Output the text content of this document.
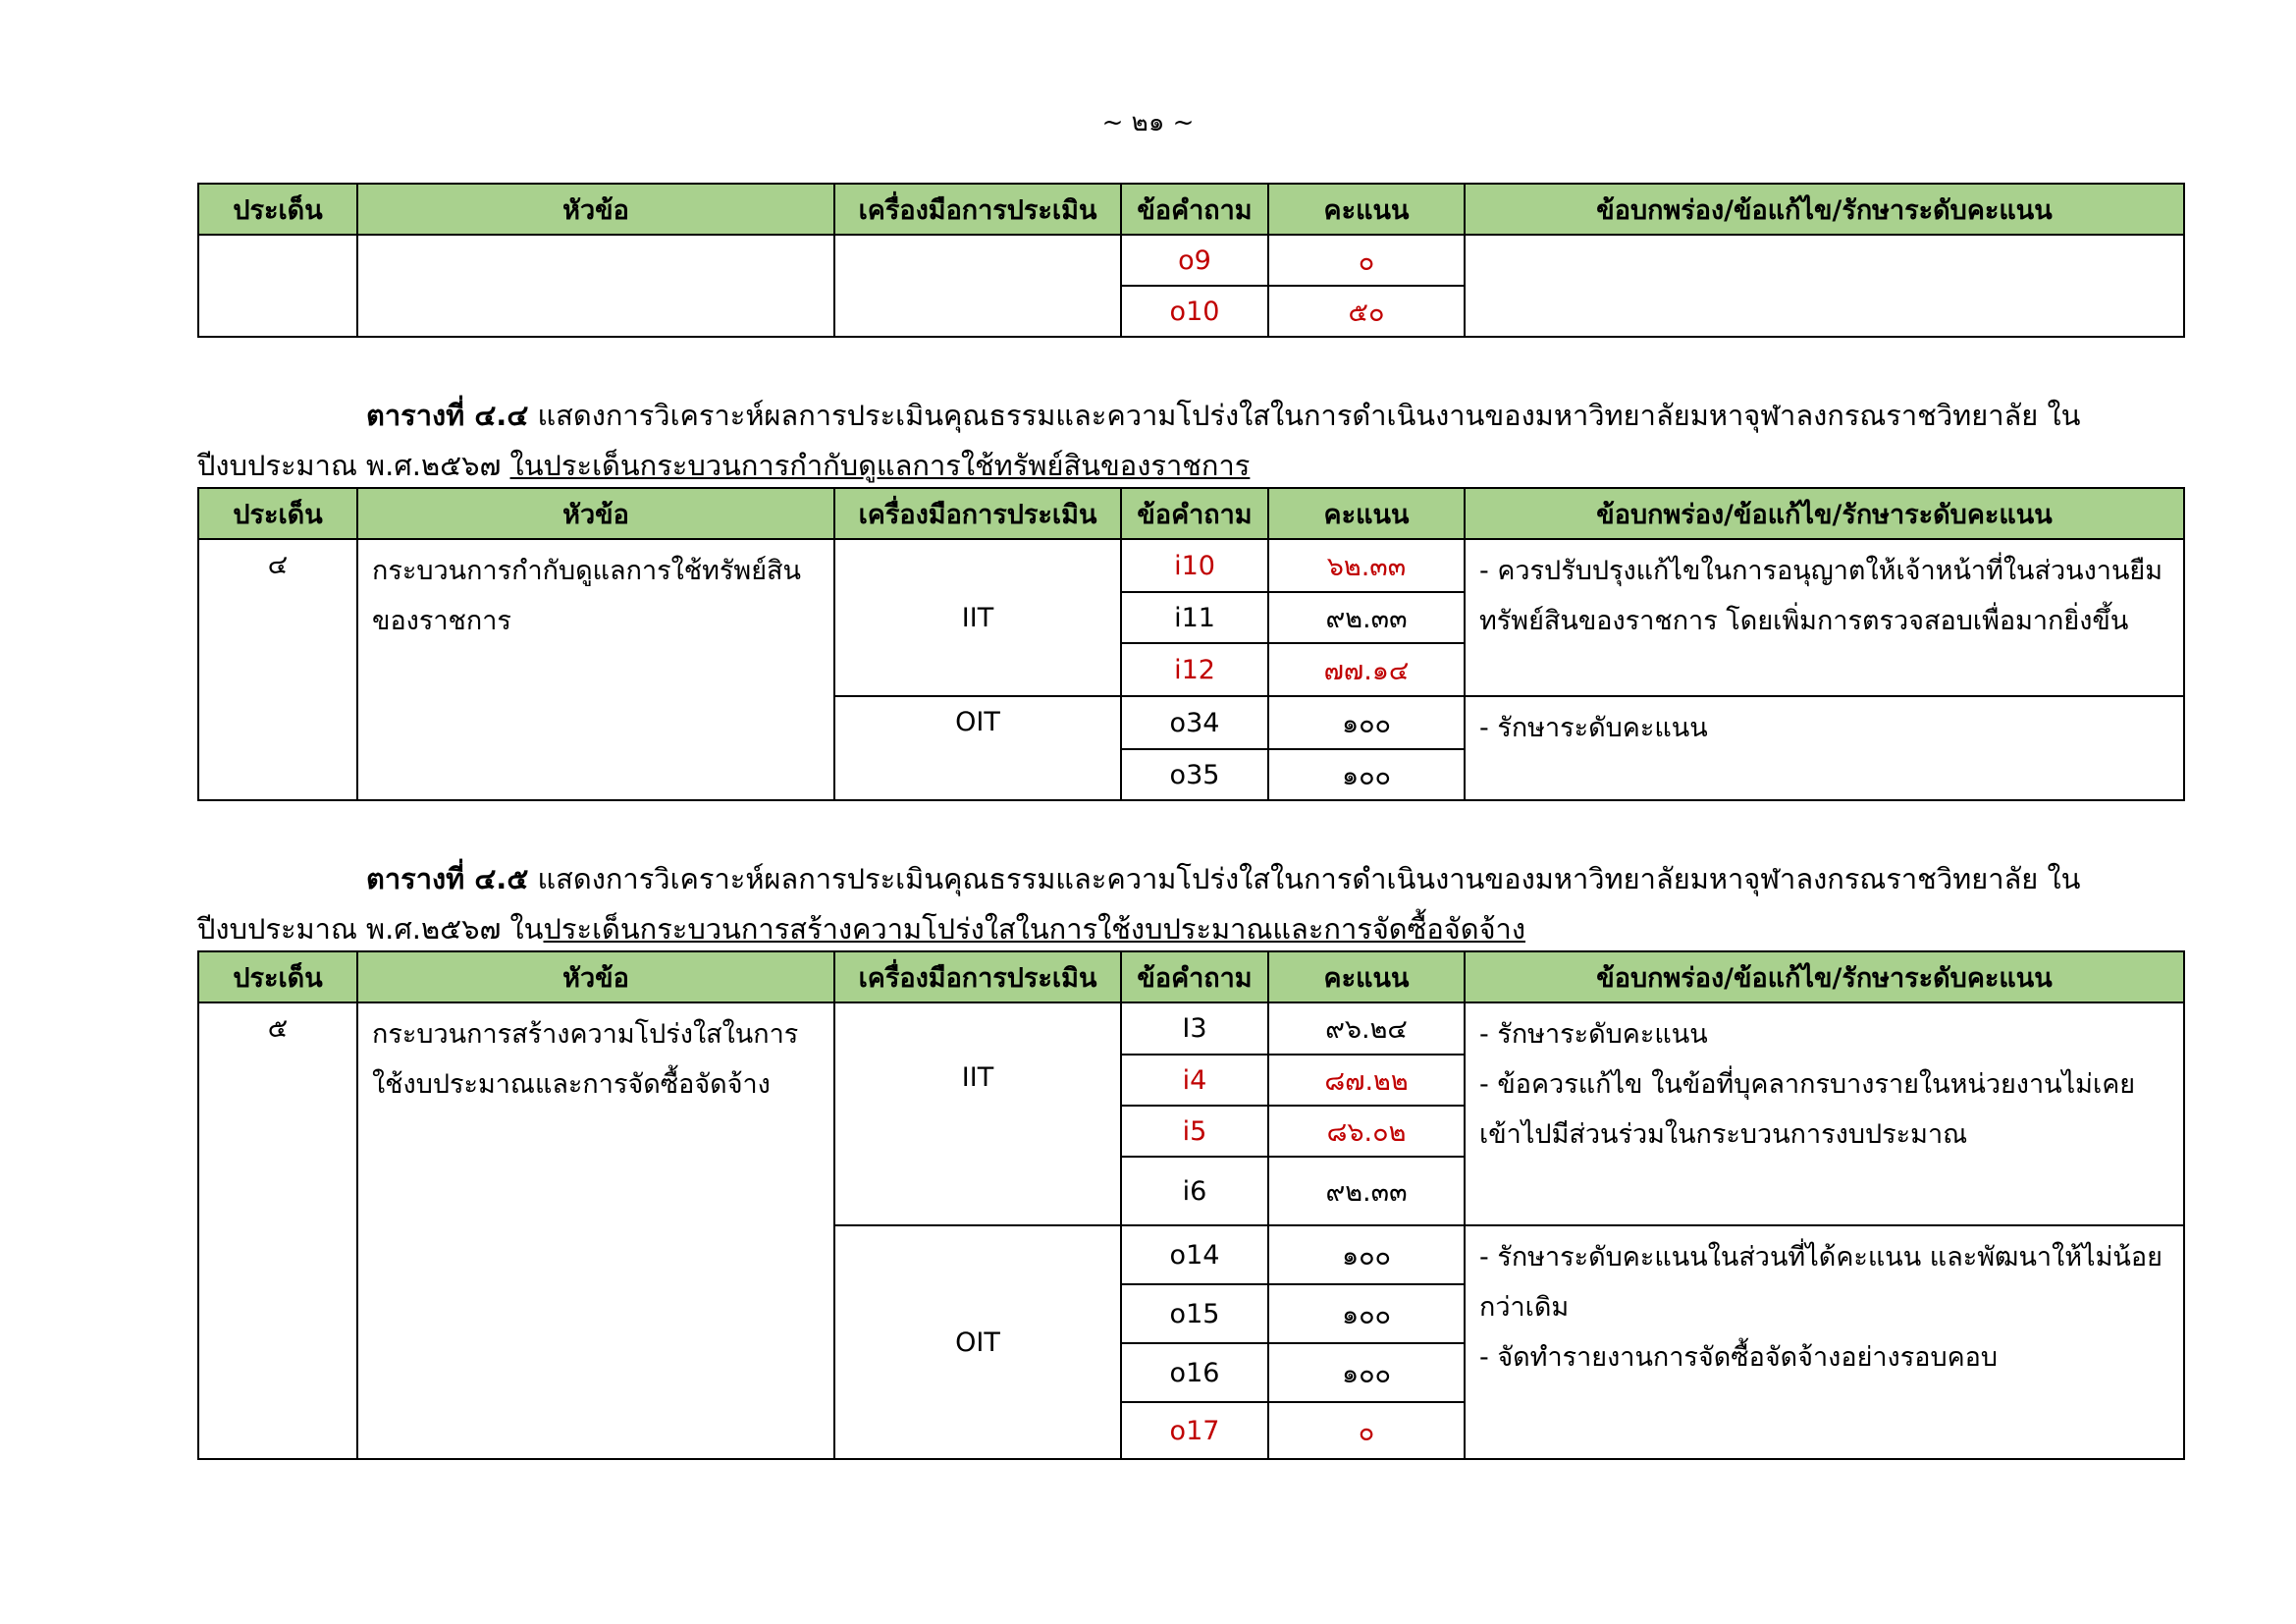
~ ๒๑ ~
ประเด็น	หัวข้อ	เครื่องมือการประเมิน	ข้อคำถาม	คะแนน	ข้อบกพร่อง/ข้อแก้ไข/รักษาระดับคะแนน
			o9	๐	
			o10	๕๐	
ตารางที่ ๔.๔ แสดงการวิเคราะห์ผลการประเมินคุณธรรมและความโปร่งใสในการดำเนินงานของมหาวิทยาลัยมหาจุฬาลงกรณราชวิทยาลัย ใน
ปีงบประมาณ พ.ศ.๒๕๖๗ ในประเด็นกระบวนการกำกับดูแลการใช้ทรัพย์สินของราชการ
ประเด็น	หัวข้อ	เครื่องมือการประเมิน	ข้อคำถาม	คะแนน	ข้อบกพร่อง/ข้อแก้ไข/รักษาระดับคะแนน
๔	กระบวนการกำกับดูแลการใช้ทรัพย์สินของราชการ	IIT	i10	๖๒.๓๓	- ควรปรับปรุงแก้ไขในการอนุญาตให้เจ้าหน้าที่ในส่วนงานยืมทรัพย์สินของราชการ โดยเพิ่มการตรวจสอบเพื่อมากยิ่งขึ้น
			i11	๙๒.๓๓	
			i12	๗๗.๑๔	
		OIT	o34	๑๐๐	- รักษาระดับคะแนน
			o35	๑๐๐	
ตารางที่ ๔.๕ แสดงการวิเคราะห์ผลการประเมินคุณธรรมและความโปร่งใสในการดำเนินงานของมหาวิทยาลัยมหาจุฬาลงกรณราชวิทยาลัย ใน
ปีงบประมาณ พ.ศ.๒๕๖๗ ในประเด็นกระบวนการสร้างความโปร่งใสในการใช้งบประมาณและการจัดซื้อจัดจ้าง
ประเด็น	หัวข้อ	เครื่องมือการประเมิน	ข้อคำถาม	คะแนน	ข้อบกพร่อง/ข้อแก้ไข/รักษาระดับคะแนน
๕	กระบวนการสร้างความโปร่งใสในการใช้งบประมาณและการจัดซื้อจัดจ้าง	IIT	I3	๙๖.๒๔	- รักษาระดับคะแนน
- ข้อควรแก้ไข ในข้อที่บุคลากรบางรายในหน่วยงานไม่เคยเข้าไปมีส่วนร่วมในกระบวนการงบประมาณ

			i4	๘๗.๒๒	
			i5	๘๖.๐๒	
			i6	๙๒.๓๓	
		OIT	o14	๑๐๐	- รักษาระดับคะแนนในส่วนที่ได้คะแนน และพัฒนาให้ไม่น้อยกว่าเดิม
- จัดทำรายงานการจัดซื้อจัดจ้างอย่างรอบคอบ

			o15	๑๐๐	
			o16	๑๐๐	
			o17	๐	
